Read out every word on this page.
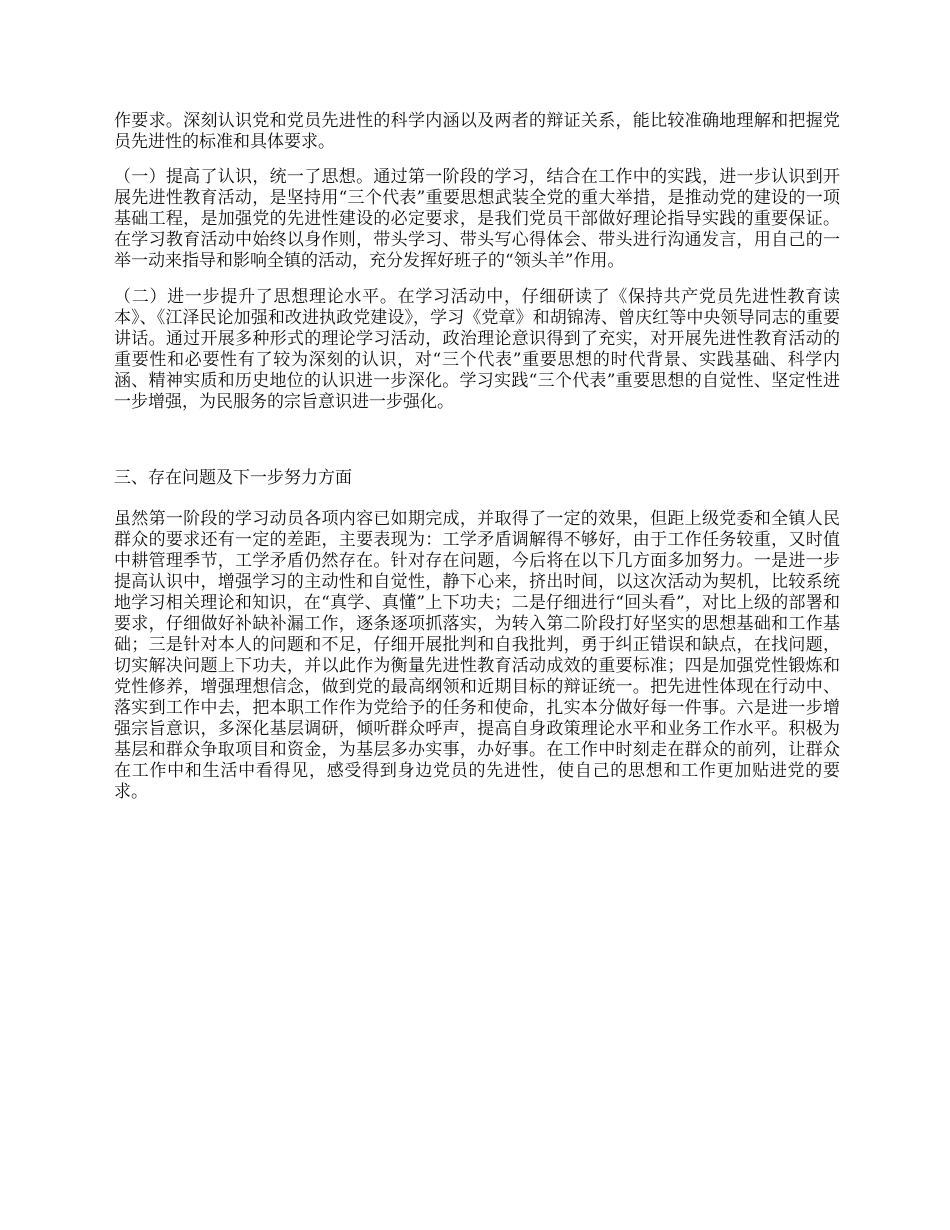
作要求。深刻认识党和党员先进性的科学内涵以及两者的辩证关系，能比较准确地理解和把握党员先进性的标准和具体要求。

（一）提高了认识，统一了思想。通过第一阶段的学习，结合在工作中的实践，进一步认识到开展先进性教育活动，是坚持用“三个代表”重要思想武装全党的重大举措，是推动党的建设的一项基础工程，是加强党的先进性建设的必定要求，是我们党员干部做好理论指导实践的重要保证。在学习教育活动中始终以身作则，带头学习、带头写心得体会、带头进行沟通发言，用自己的一举一动来指导和影响全镇的活动，充分发挥好班子的“领头羊”作用。

（二）进一步提升了思想理论水平。在学习活动中，仔细研读了《保持共产党员先进性教育读本》、《江泽民论加强和改进执政党建设》，学习《党章》和胡锦涛、曾庆红等中央领导同志的重要讲话。通过开展多种形式的理论学习活动，政治理论意识得到了充实，对开展先进性教育活动的重要性和必要性有了较为深刻的认识，对“三个代表”重要思想的时代背景、实践基础、科学内涵、精神实质和历史地位的认识进一步深化。学习实践“三个代表”重要思想的自觉性、坚定性进一步增强，为民服务的宗旨意识进一步强化。

三、存在问题及下一步努力方面

虽然第一阶段的学习动员各项内容已如期完成，并取得了一定的效果，但距上级党委和全镇人民群众的要求还有一定的差距，主要表现为：工学矛盾调解得不够好，由于工作任务较重，又时值中耕管理季节，工学矛盾仍然存在。针对存在问题，今后将在以下几方面多加努力。一是进一步提高认识中，增强学习的主动性和自觉性，静下心来，挤出时间，以这次活动为契机，比较系统地学习相关理论和知识，在“真学、真懂”上下功夫；二是仔细进行“回头看”，对比上级的部署和要求，仔细做好补缺补漏工作，逐条逐项抓落实，为转入第二阶段打好坚实的思想基础和工作基础；三是针对本人的问题和不足，仔细开展批判和自我批判，勇于纠正错误和缺点，在找问题，切实解决问题上下功夫，并以此作为衡量先进性教育活动成效的重要标准；四是加强党性锻炼和党性修养，增强理想信念，做到党的最高纲领和近期目标的辩证统一。把先进性体现在行动中、落实到工作中去，把本职工作作为党给予的任务和使命，扎实本分做好每一件事。六是进一步增强宗旨意识，多深化基层调研，倾听群众呼声，提高自身政策理论水平和业务工作水平。积极为基层和群众争取项目和资金，为基层多办实事，办好事。在工作中时刻走在群众的前列，让群众在工作中和生活中看得见，感受得到身边党员的先进性，使自己的思想和工作更加贴进党的要求。
